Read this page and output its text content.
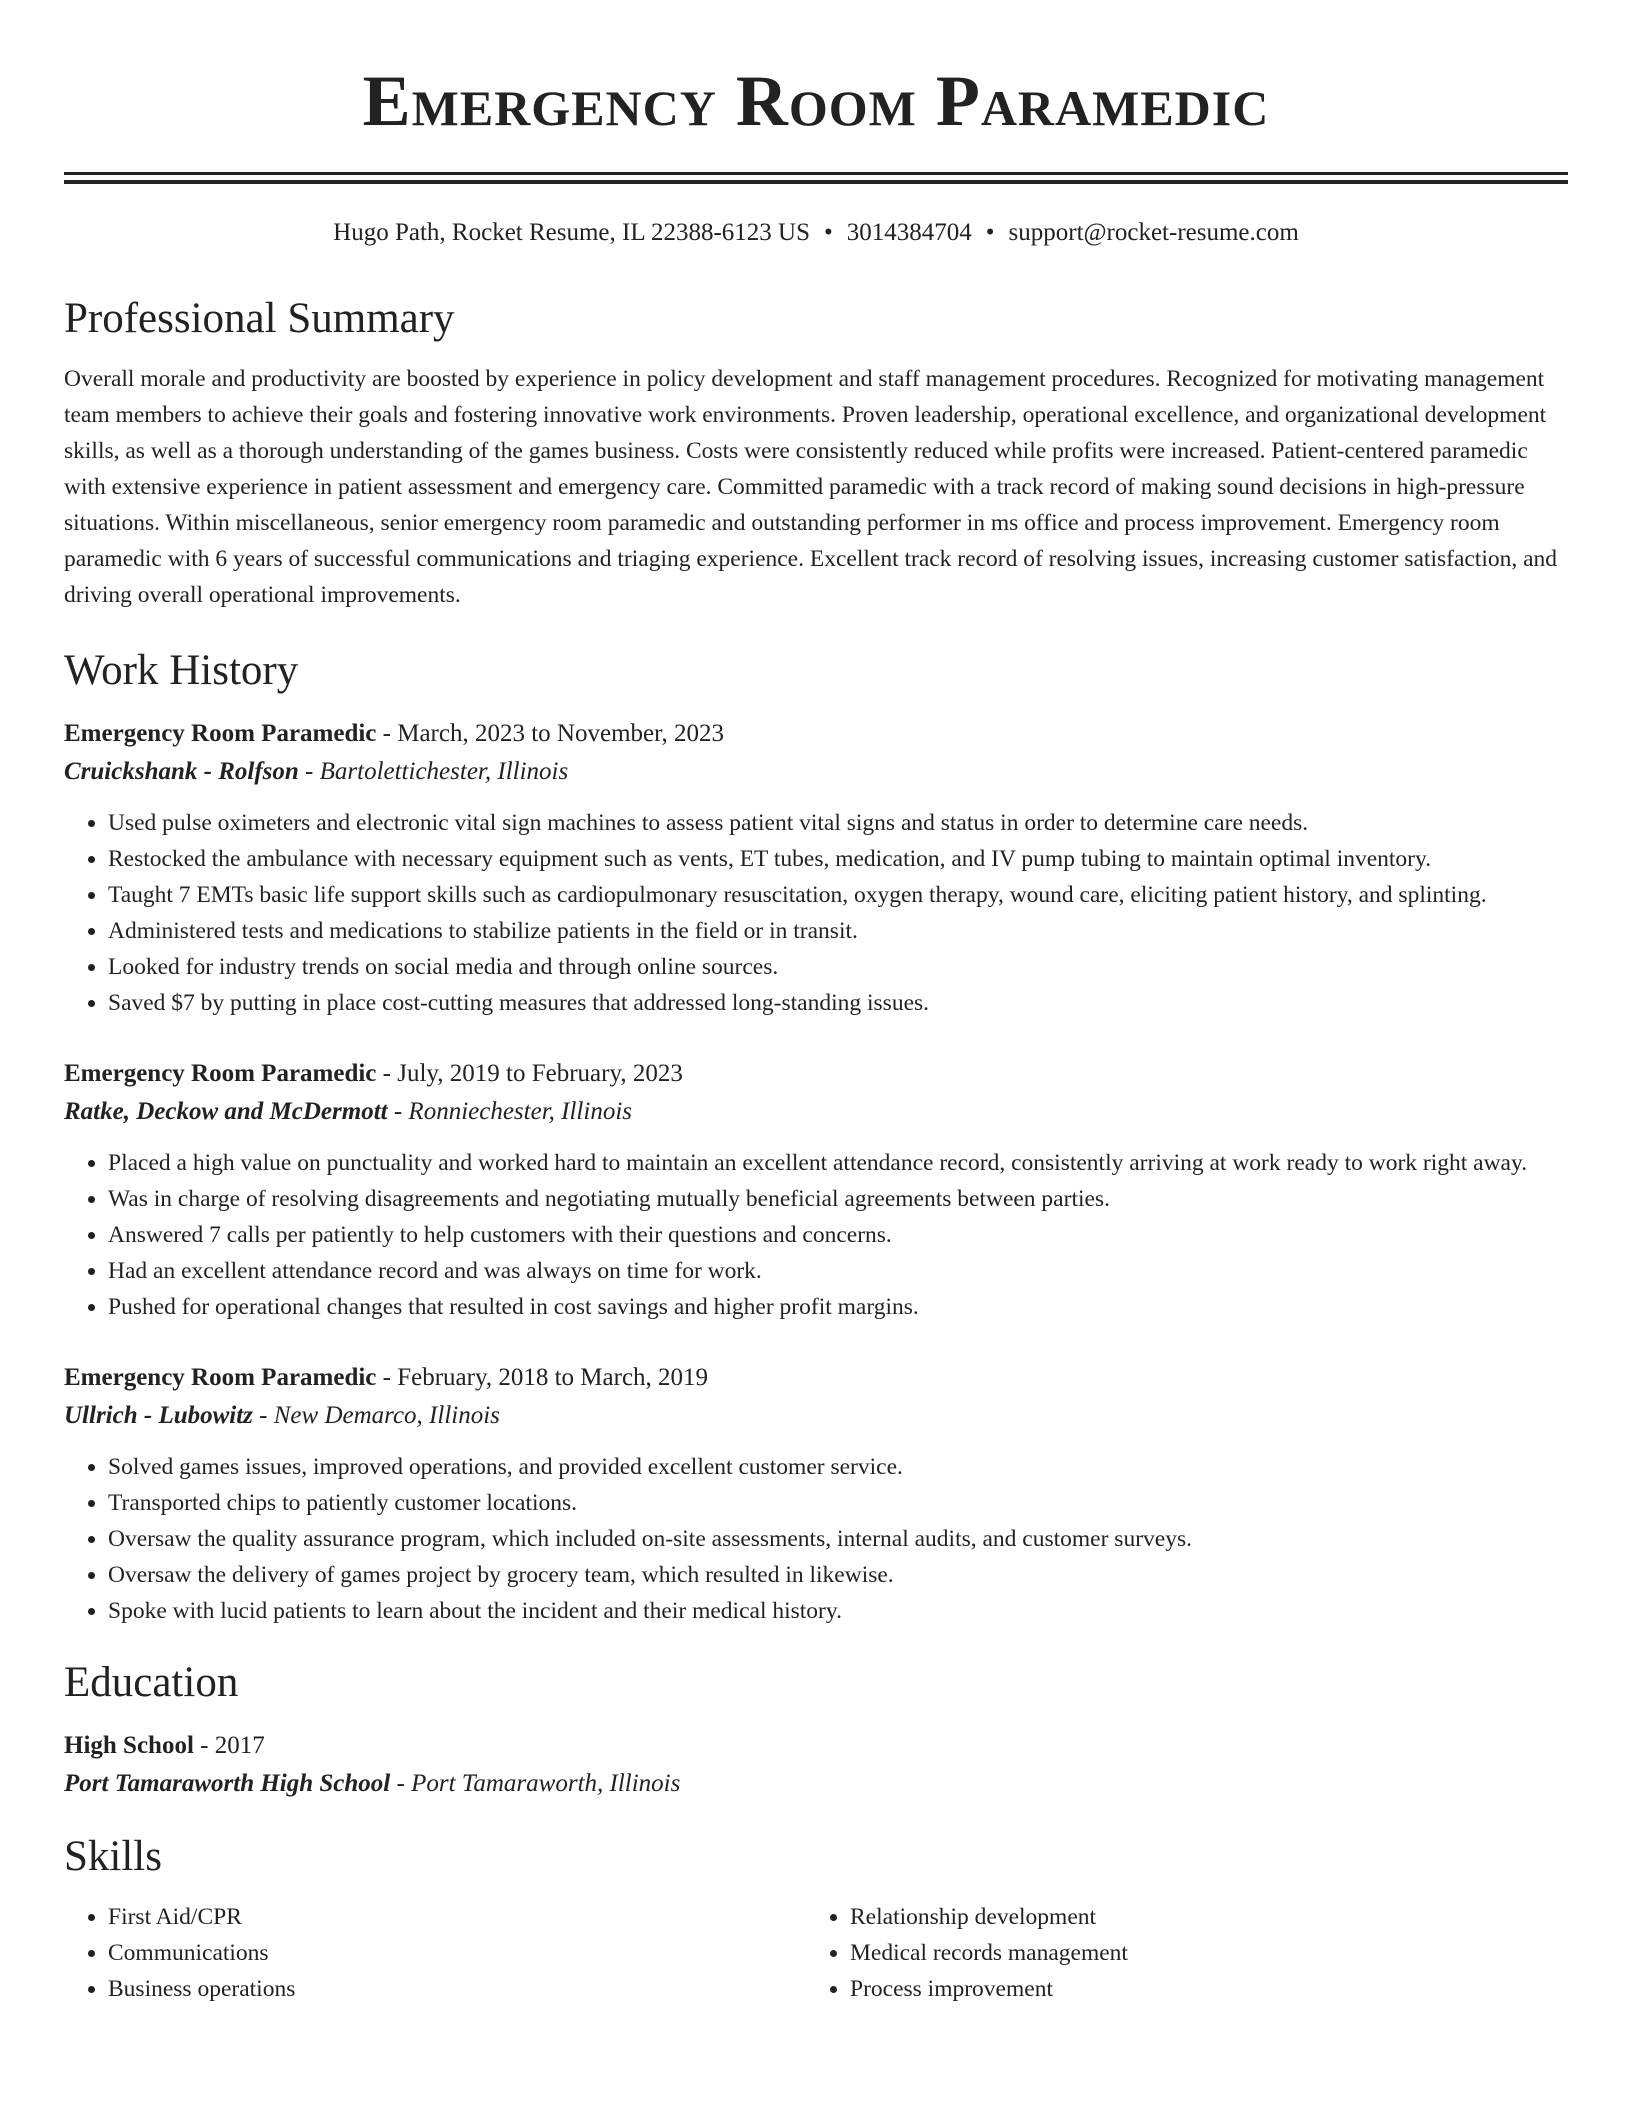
Emergency Room Paramedic
Hugo Path, Rocket Resume, IL 22388-6123 US • 3014384704 • support@rocket-resume.com
Professional Summary

Overall morale and productivity are boosted by experience in policy development and staff management procedures. Recognized for motivating management team members to achieve their goals and fostering innovative work environments. Proven leadership, operational excellence, and organizational development skills, as well as a thorough understanding of the games business. Costs were consistently reduced while profits were increased. Patient-centered paramedic with extensive experience in patient assessment and emergency care. Committed paramedic with a track record of making sound decisions in high-pressure situations. Within miscellaneous, senior emergency room paramedic and outstanding performer in ms office and process improvement. Emergency room paramedic with 6 years of successful communications and triaging experience. Excellent track record of resolving issues, increasing customer satisfaction, and driving overall operational improvements.

Work History
Emergency Room Paramedic - March, 2023 to November, 2023
Cruickshank - Rolfson - Bartolettichester, Illinois
• Used pulse oximeters and electronic vital sign machines to assess patient vital signs and status in order to determine care needs.
• Restocked the ambulance with necessary equipment such as vents, ET tubes, medication, and IV pump tubing to maintain optimal inventory.
• Taught 7 EMTs basic life support skills such as cardiopulmonary resuscitation, oxygen therapy, wound care, eliciting patient history, and splinting.
• Administered tests and medications to stabilize patients in the field or in transit.
• Looked for industry trends on social media and through online sources.
• Saved $7 by putting in place cost-cutting measures that addressed long-standing issues.
Emergency Room Paramedic - July, 2019 to February, 2023
Ratke, Deckow and McDermott - Ronniechester, Illinois
• Placed a high value on punctuality and worked hard to maintain an excellent attendance record, consistently arriving at work ready to work right away.
• Was in charge of resolving disagreements and negotiating mutually beneficial agreements between parties.
• Answered 7 calls per patiently to help customers with their questions and concerns.
• Had an excellent attendance record and was always on time for work.
• Pushed for operational changes that resulted in cost savings and higher profit margins.
Emergency Room Paramedic - February, 2018 to March, 2019
Ullrich - Lubowitz - New Demarco, Illinois
• Solved games issues, improved operations, and provided excellent customer service.
• Transported chips to patiently customer locations.
• Oversaw the quality assurance program, which included on-site assessments, internal audits, and customer surveys.
• Oversaw the delivery of games project by grocery team, which resulted in likewise.
• Spoke with lucid patients to learn about the incident and their medical history.
Education
High School - 2017
Port Tamaraworth High School - Port Tamaraworth, Illinois
Skills
• First Aid/CPR
• Communications
• Business operations
• Relationship development
• Medical records management
• Process improvement
